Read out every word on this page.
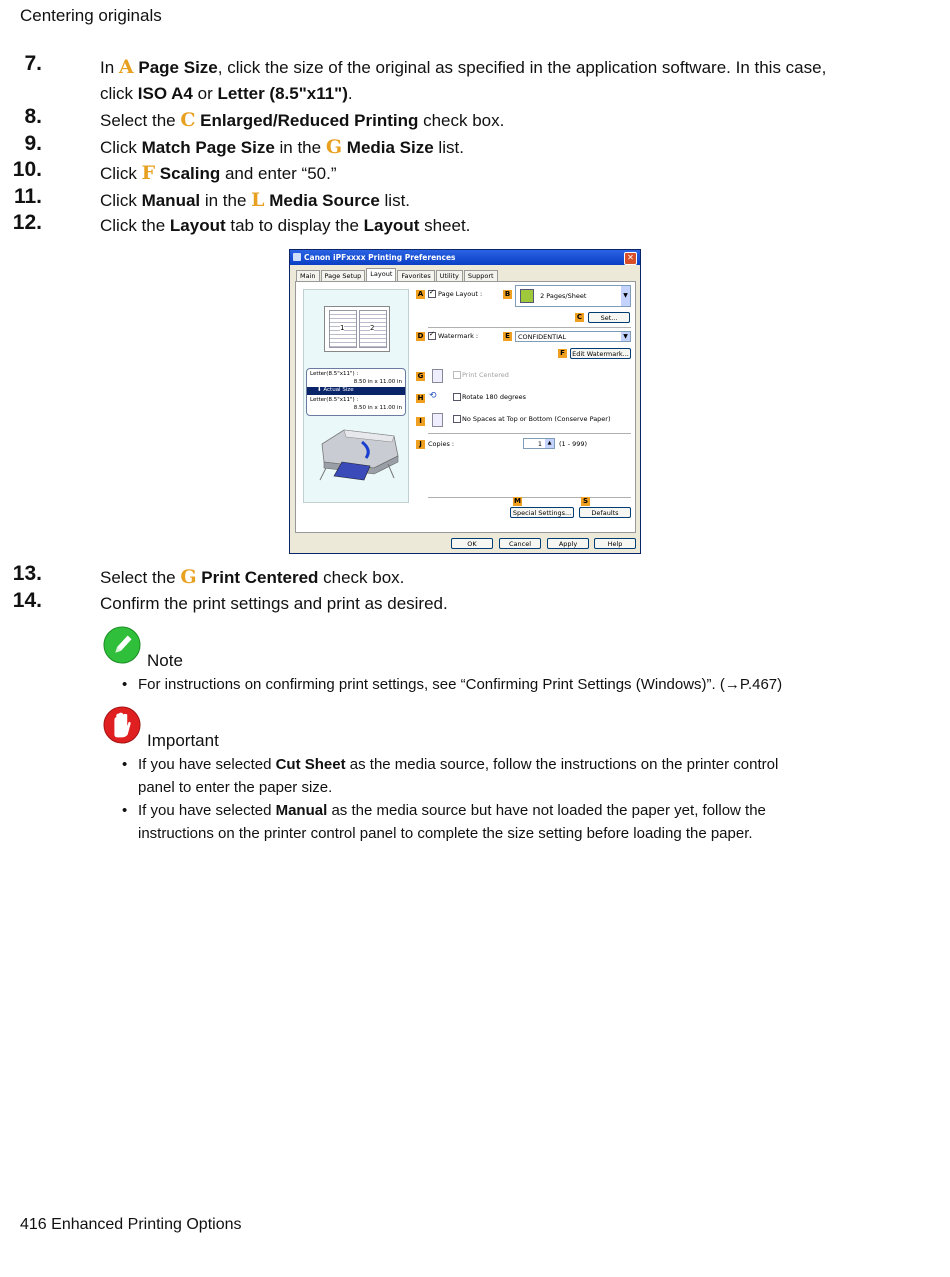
Centering originals
7.	In A Page Size, click the size of the original as specified in the application software. In this case, click ISO A4 or Letter (8.5"x11").
8.	Select the C Enlarged/Reduced Printing check box.
9.	Click Match Page Size in the G Media Size list.
10.	Click F Scaling and enter “50.”
11.	Click Manual in the L Media Source list.
12.	Click the Layout tab to display the Layout sheet.
Canon iPFxxxx Printing Preferences	✕
Main	Page Setup	Layout	Favorites	Utility	Support
1	2
Letter(8.5"x11") :
8.50 in x 11.00 in
⬇ Actual Size
Letter(8.5"x11") :
8.50 in x 11.00 in
A ✓ Page Layout :	B	2 Pages/Sheet	▼
C	Set...
D ✓ Watermark :	E	CONFIDENTIAL	▼
F	Edit Watermark...
G	Print Centered
H ⟲	Rotate 180 degrees
I	No Spaces at Top or Bottom (Conserve Paper)
J Copies :	1	▲	(1 - 999)
M	S
Special Settings...	Defaults
OK	Cancel	Apply	Help
13.	Select the G Print Centered check box.
14.	Confirm the print settings and print as desired.
Note
• For instructions on confirming print settings, see “Confirming Print Settings (Windows)”. (→P.467)
Important
• If you have selected Cut Sheet as the media source, follow the instructions on the printer control panel to enter the paper size.
• If you have selected Manual as the media source but have not loaded the paper yet, follow the instructions on the printer control panel to complete the size setting before loading the paper.
416 Enhanced Printing Options
